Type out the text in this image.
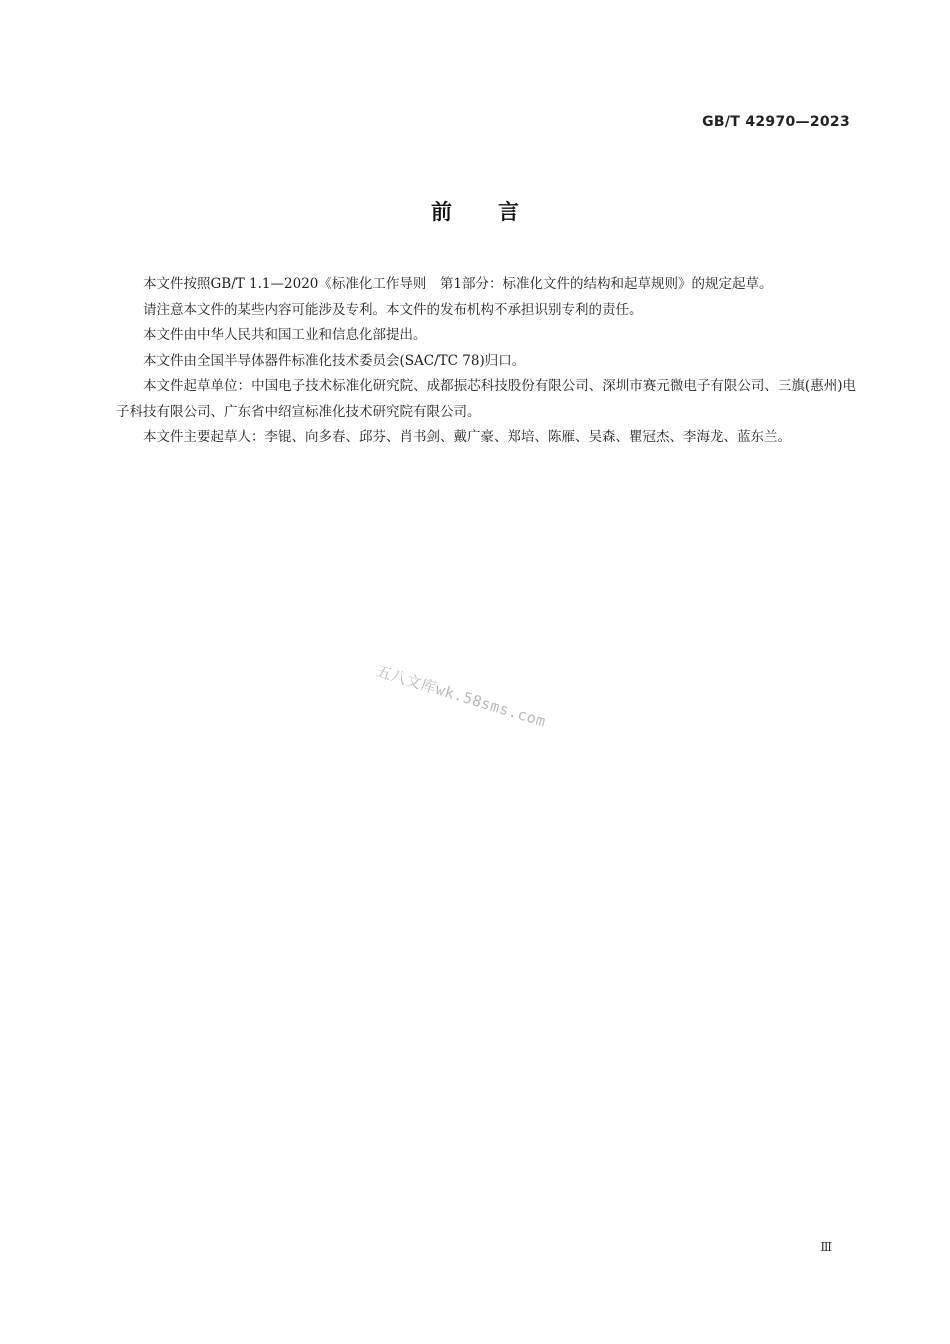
GB/T 42970—2023
前言

本文件按照GB/T 1.1—2020《标准化工作导则　第1部分：标准化文件的结构和起草规则》的规定起草。

请注意本文件的某些内容可能涉及专利。本文件的发布机构不承担识别专利的责任。

本文件由中华人民共和国工业和信息化部提出。

本文件由全国半导体器件标准化技术委员会(SAC/TC 78)归口。

本文件起草单位：中国电子技术标准化研究院、成都振芯科技股份有限公司、深圳市赛元微电子有限公司、三旗(惠州)电子科技有限公司、广东省中绍宣标准化技术研究院有限公司。

本文件主要起草人：李锟、向多春、邱芬、肖书剑、戴广豪、郑培、陈雁、吴森、瞿冠杰、李海龙、蓝东兰。

五八文库wk.58sms.com
Ⅲ
